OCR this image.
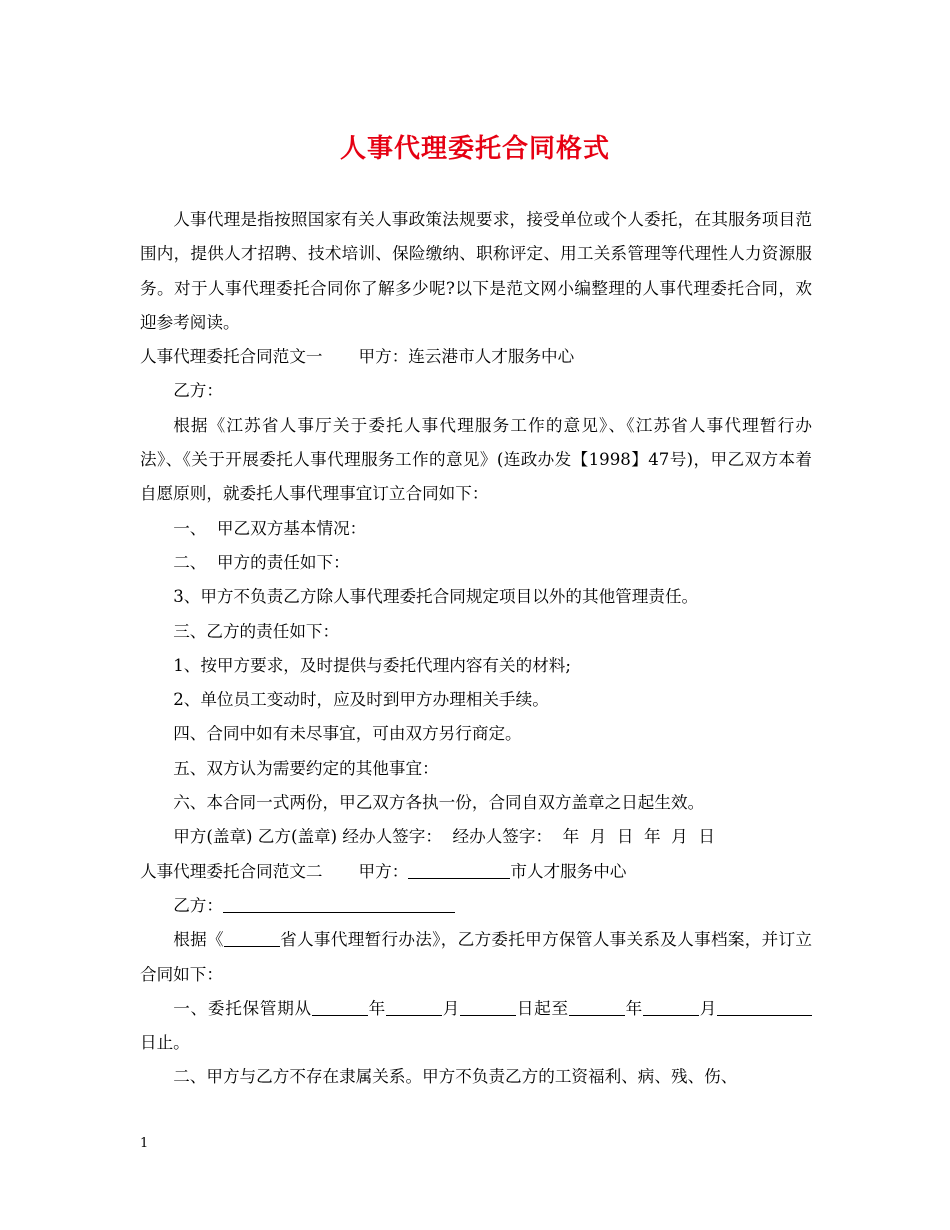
人事代理委托合同格式

人事代理是指按照国家有关人事政策法规要求，接受单位或个人委托，在其服务项目范围内，提供人才招聘、技术培训、保险缴纳、职称评定、用工关系管理等代理性人力资源服务。对于人事代理委托合同你了解多少呢?以下是范文网小编整理的人事代理委托合同，欢迎参考阅读。

人事代理委托合同范文一 甲方：连云港市人才服务中心

乙方：

根据《江苏省人事厅关于委托人事代理服务工作的意见》、《江苏省人事代理暂行办法》、《关于开展委托人事代理服务工作的意见》(连政办发【1998】47号)，甲乙双方本着自愿原则，就委托人事代理事宜订立合同如下：

一、  甲乙双方基本情况：

二、  甲方的责任如下：

3、甲方不负责乙方除人事代理委托合同规定项目以外的其他管理责任。

三、乙方的责任如下：

1、按甲方要求，及时提供与委托代理内容有关的材料;

2、单位员工变动时，应及时到甲方办理相关手续。

四、合同中如有未尽事宜，可由双方另行商定。

五、双方认为需要约定的其他事宜：

六、本合同一式两份，甲乙双方各执一份，合同自双方盖章之日起生效。

甲方(盖章) 乙方(盖章) 经办人签字：  经办人签字：  年  月  日  年  月  日

人事代理委托合同范文二 甲方：	市人才服务中心

乙方：

根据《	省人事代理暂行办法》，乙方委托甲方保管人事关系及人事档案，并订立合同如下：

一、委托保管期从	年	月	日起至	年	月日止。

二、甲方与乙方不存在隶属关系。甲方不负责乙方的工资福利、病、残、伤、

1
